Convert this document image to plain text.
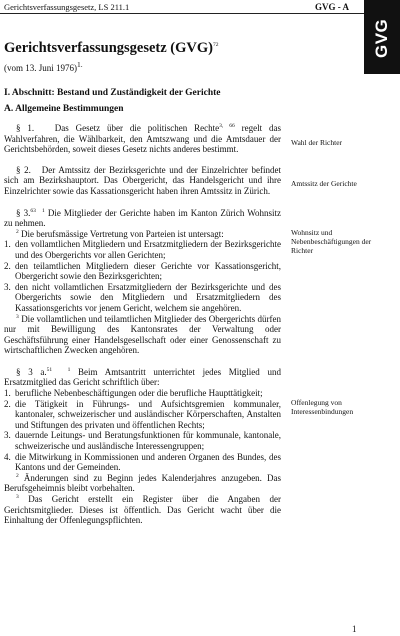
Gerichtsverfassungsgesetz, LS 211.1	GVG - A
GVG
Gerichtsverfassungsgesetz (GVG)$^{72}$
(vom 13. Juni 1976)$^{1.}$
I. Abschnitt: Bestand und Zuständigkeit der Gerichte
A. Allgemeine Bestimmungen

§ 1. Das Gesetz über die politischen Rechte$^{3, 66}$ regelt das Wahlverfahren, die Wählbarkeit, den Amtszwang und die Amtsdauer der Gerichtsbehörden, soweit dieses Gesetz nichts anderes bestimmt.

§ 2. Der Amtssitz der Bezirksgerichte und der Einzelrichter befindet sich am Bezirkshauptort. Das Obergericht, das Handelsgericht und ihre Einzelrichter sowie das Kassationsgericht haben ihren Amtssitz in Zürich.

§ 3.63 $^1$ Die Mitglieder der Gerichte haben im Kanton Zürich Wohnsitz zu nehmen.

$^2$ Die berufsmässige Vertretung von Parteien ist untersagt:

1. den vollamtlichen Mitgliedern und Ersatzmitgliedern der Bezirksgerichte und des Obergerichts vor allen Gerichten;
2. den teilamtlichen Mitgliedern dieser Gerichte vor Kassationsgericht, Obergericht sowie den Bezirksgerichten;
3. den nicht vollamtlichen Ersatzmitgliedern der Bezirksgerichte und des Obergerichts sowie den Mitgliedern und Ersatzmitgliedern des Kassationsgerichts vor jenem Gericht, welchem sie angehören.

$^3$ Die vollamtlichen und teilamtlichen Mitglieder des Obergerichts dürfen nur mit Bewilligung des Kantonsrates der Verwaltung oder Geschäftsführung einer Handelsgesellschaft oder einer Genossenschaft zu wirtschaftlichen Zwecken angehören.

§ 3 a.$^{51}$	$^1$ Beim Amtsantritt unterrichtet jedes Mitglied und Ersatzmitglied das Gericht schriftlich über:

1. berufliche Nebenbeschäftigungen oder die berufliche Haupttätigkeit;
2. die Tätigkeit in Führungs- und Aufsichtsgremien kommunaler, kantonaler, schweizerischer und ausländischer Körperschaften, Anstalten und Stiftungen des privaten und öffentlichen Rechts;
3. dauernde Leitungs- und Beratungsfunktionen für kommunale, kantonale, schweizerische und ausländische Interessengruppen;
4. die Mitwirkung in Kommissionen und anderen Organen des Bundes, des Kantons und der Gemeinden.

$^2$ Änderungen sind zu Beginn jedes Kalenderjahres anzugeben. Das Berufsgeheimnis bleibt vorbehalten.

$^3$ Das Gericht erstellt ein Register über die Angaben der Gerichtsmitglieder. Dieses ist öffentlich. Das Gericht wacht über die Einhaltung der Offenlegungspflichten.

Wahl der Richter
Amtssitz der Gerichte
Wohnsitz und Nebenbeschäftigungen der Richter
Offenlegung von Interessenbindungen
1
